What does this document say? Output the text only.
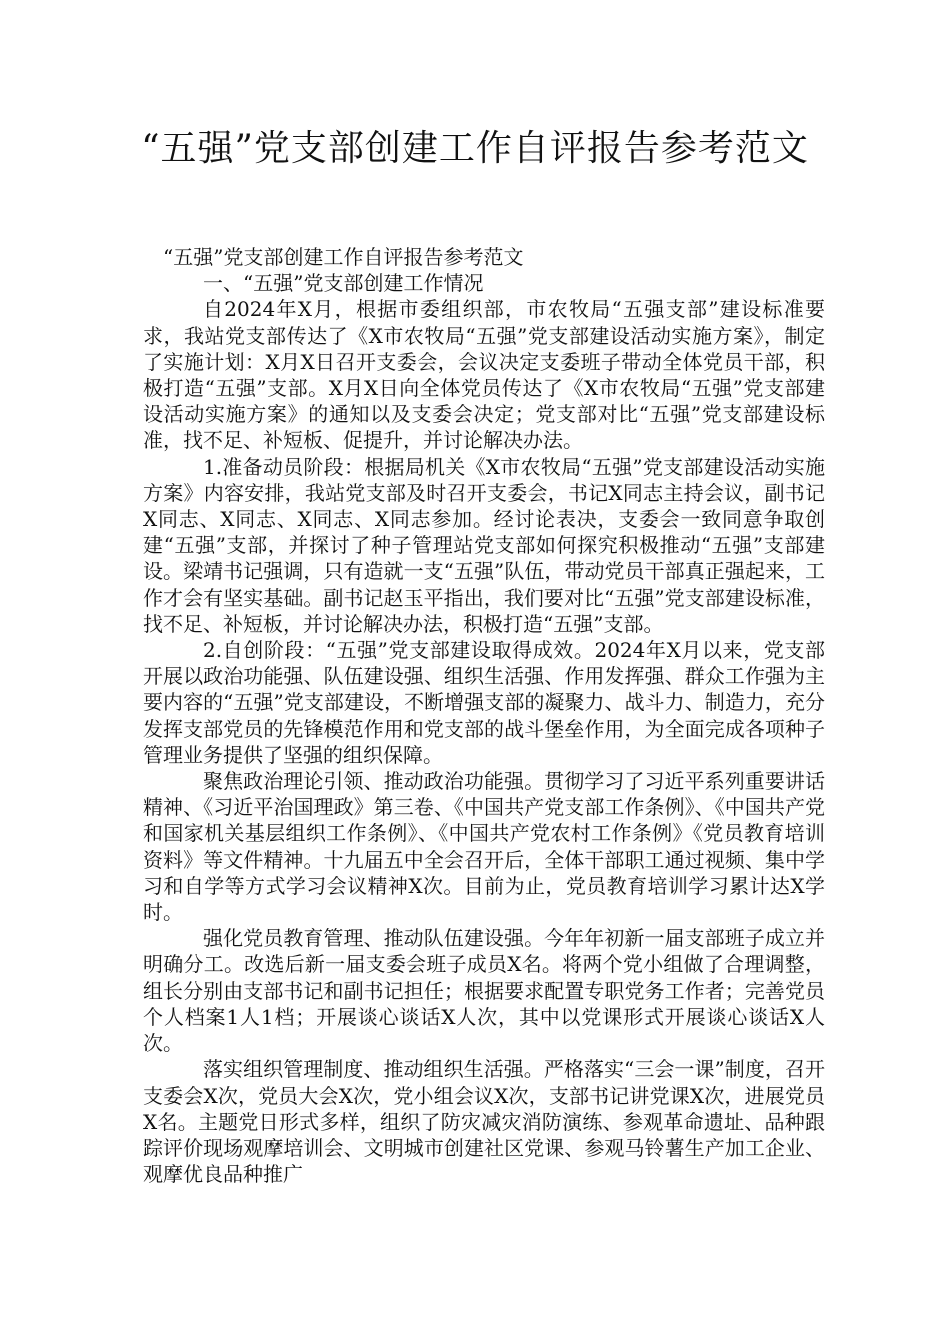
“五强”党支部创建工作自评报告参考范文

“五强”党支部创建工作自评报告参考范文

一、“五强”党支部创建工作情况

自2024年X月，根据市委组织部，市农牧局“五强支部”建设标准要求，我站党支部传达了《X市农牧局“五强”党支部建设活动实施方案》，制定了实施计划：X月X日召开支委会，会议决定支委班子带动全体党员干部，积极打造“五强”支部。X月X日向全体党员传达了《X市农牧局“五强”党支部建设活动实施方案》的通知以及支委会决定；党支部对比“五强”党支部建设标准，找不足、补短板、促提升，并讨论解决办法。

1.准备动员阶段：根据局机关《X市农牧局“五强”党支部建设活动实施方案》内容安排，我站党支部及时召开支委会，书记X同志主持会议，副书记X同志、X同志、X同志、X同志参加。经讨论表决，支委会一致同意争取创建“五强”支部，并探讨了种子管理站党支部如何探究积极推动“五强”支部建设。梁靖书记强调，只有造就一支“五强”队伍，带动党员干部真正强起来，工作才会有坚实基础。副书记赵玉平指出，我们要对比“五强”党支部建设标准，找不足、补短板，并讨论解决办法，积极打造“五强”支部。

2.自创阶段：“五强”党支部建设取得成效。2024年X月以来，党支部开展以政治功能强、队伍建设强、组织生活强、作用发挥强、群众工作强为主要内容的“五强”党支部建设，不断增强支部的凝聚力、战斗力、制造力，充分发挥支部党员的先锋模范作用和党支部的战斗堡垒作用，为全面完成各项种子管理业务提供了坚强的组织保障。

聚焦政治理论引领、推动政治功能强。贯彻学习了习近平系列重要讲话精神、《习近平治国理政》第三卷、《中国共产党支部工作条例》、《中国共产党和国家机关基层组织工作条例》、《中国共产党农村工作条例》《党员教育培训资料》等文件精神。十九届五中全会召开后，全体干部职工通过视频、集中学习和自学等方式学习会议精神X次。目前为止，党员教育培训学习累计达X学时。

强化党员教育管理、推动队伍建设强。今年年初新一届支部班子成立并明确分工。改选后新一届支委会班子成员X名。将两个党小组做了合理调整，组长分别由支部书记和副书记担任；根据要求配置专职党务工作者；完善党员个人档案1人1档；开展谈心谈话X人次，其中以党课形式开展谈心谈话X人次。

落实组织管理制度、推动组织生活强。严格落实“三会一课”制度，召开支委会X次，党员大会X次，党小组会议X次，支部书记讲党课X次，进展党员X名。主题党日形式多样，组织了防灾减灾消防演练、参观革命遗址、品种跟踪评价现场观摩培训会、文明城市创建社区党课、参观马铃薯生产加工企业、观摩优良品种推广
